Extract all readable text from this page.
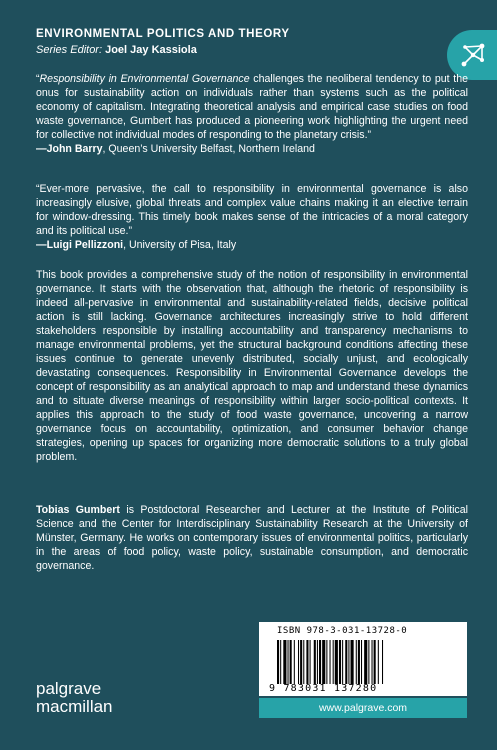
ENVIRONMENTAL POLITICS AND THEORY
Series Editor: Joel Jay Kassiola

“Responsibility in Environmental Governance challenges the neoliberal tendency to put the onus for sustainability action on individuals rather than systems such as the political economy of capitalism. Integrating theoretical analysis and empirical case studies on food waste governance, Gumbert has produced a pioneering work highlighting the urgent need for collective not individual modes of responding to the planetary crisis.”

—John Barry, Queen’s University Belfast, Northern Ireland

“Ever-more pervasive, the call to responsibility in environmental governance is also increasingly elusive, global threats and complex value chains making it an elective terrain for window-dressing. This timely book makes sense of the intricacies of a moral category and its political use.”

—Luigi Pellizzoni, University of Pisa, Italy

This book provides a comprehensive study of the notion of responsibility in environmental governance. It starts with the observation that, although the rhetoric of responsibility is indeed all-pervasive in environmental and sustainability-related fields, decisive political action is still lacking. Governance architectures increasingly strive to hold different stakeholders responsible by installing accountability and transparency mechanisms to manage environmental problems, yet the structural background conditions affecting these issues continue to generate unevenly distributed, socially unjust, and ecologically devastating consequences. Responsibility in Environmental Governance develops the concept of responsibility as an analytical approach to map and understand these dynamics and to situate diverse meanings of responsibility within larger socio-political contexts. It applies this approach to the study of food waste governance, uncovering a narrow governance focus on accountability, optimization, and consumer behavior change strategies, opening up spaces for organizing more democratic solutions to a truly global problem.

Tobias Gumbert is Postdoctoral Researcher and Lecturer at the Institute of Political Science and the Center for Interdisciplinary Sustainability Research at the University of Münster, Germany. He works on contemporary issues of environmental politics, particularly in the areas of food policy, waste policy, sustainable consumption, and democratic governance.

ISBN 978-3-031-13728-0
9 783031 137280
www.palgrave.com
palgrave
macmillan
